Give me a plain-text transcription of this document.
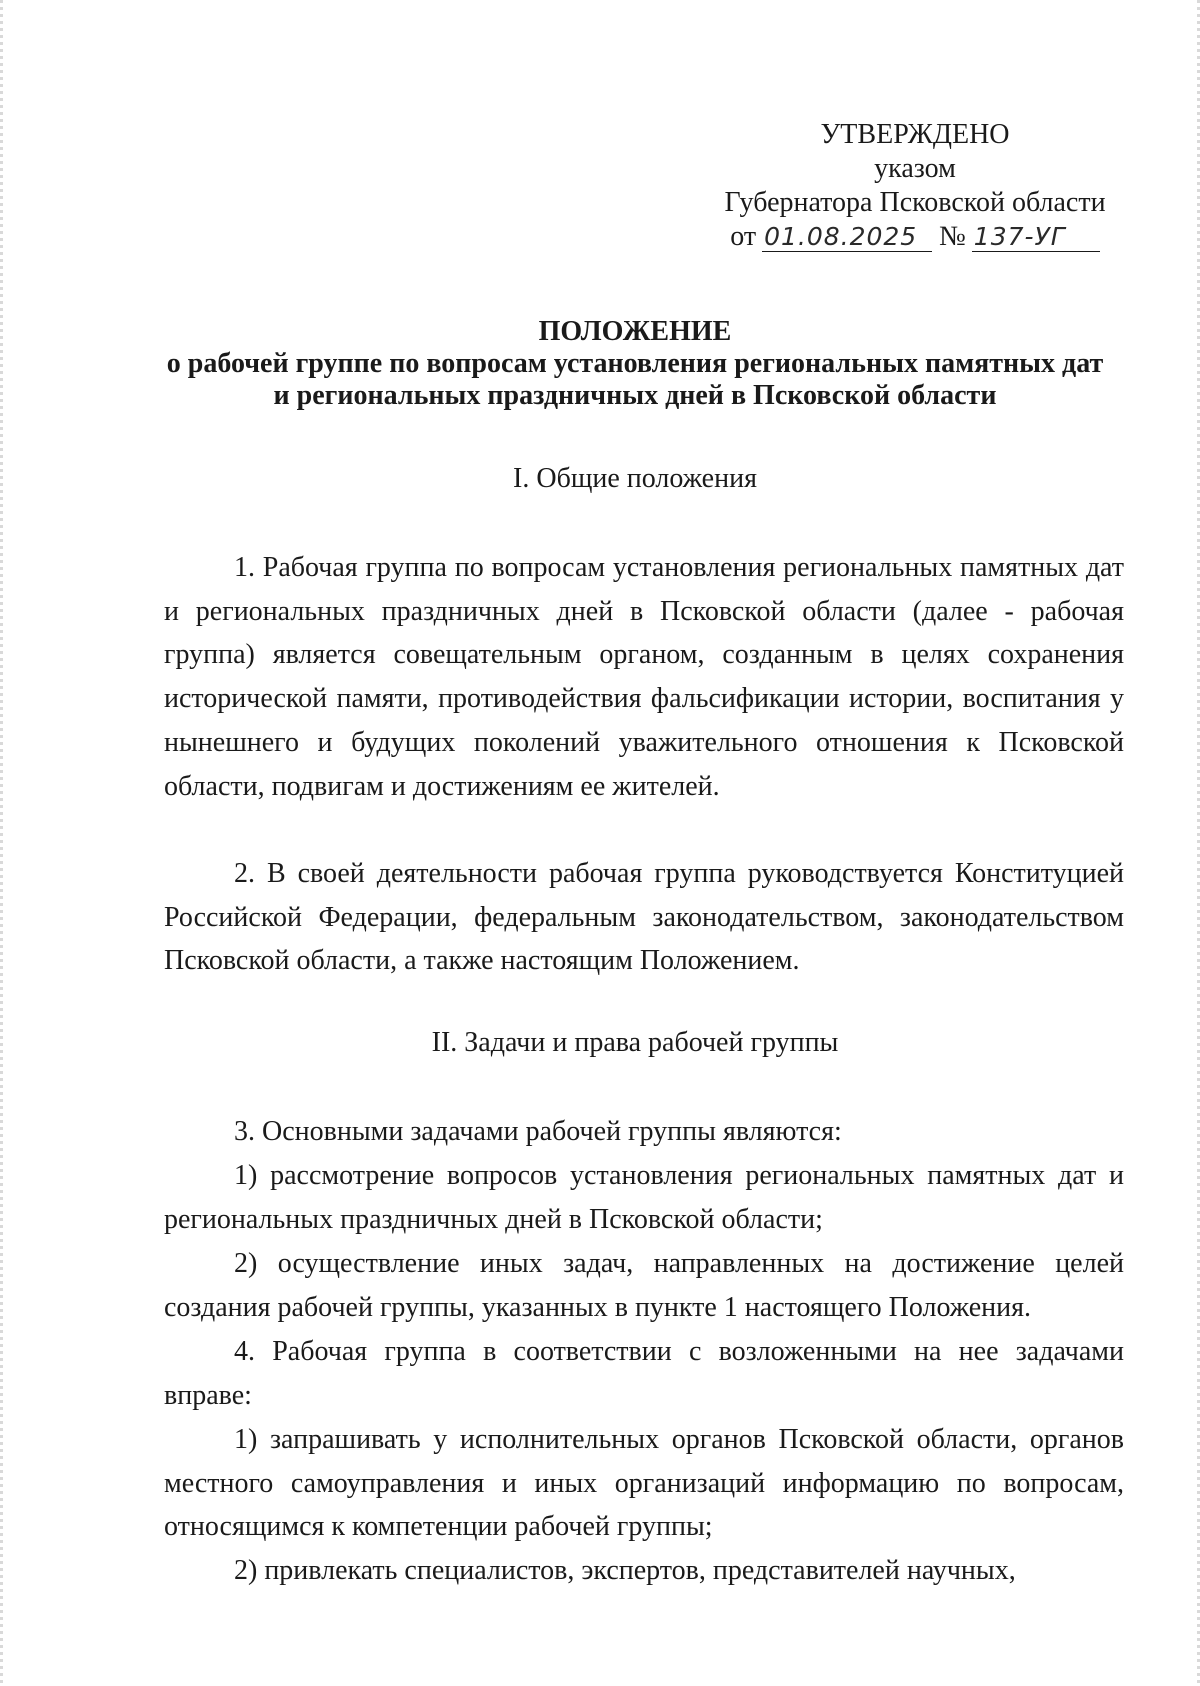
УТВЕРЖДЕНО
указом
Губернатора Псковской области
от 01.08.2025 № 137-УГ
ПОЛОЖЕНИЕ
о рабочей группе по вопросам установления региональных памятных дат
и региональных праздничных дней в Псковской области
I. Общие положения

1. Рабочая группа по вопросам установления региональных памятных дат и региональных праздничных дней в Псковской области (далее - рабочая группа) является совещательным органом, созданным в целях сохранения исторической памяти, противодействия фальсификации истории, воспитания у нынешнего и будущих поколений уважительного отношения к Псковской области, подвигам и достижениям ее жителей.

2. В своей деятельности рабочая группа руководствуется Конституцией Российской Федерации, федеральным законодательством, законодательством Псковской области, а также настоящим Положением.

II. Задачи и права рабочей группы

3. Основными задачами рабочей группы являются:

1) рассмотрение вопросов установления региональных памятных дат и региональных праздничных дней в Псковской области;

2) осуществление иных задач, направленных на достижение целей создания рабочей группы, указанных в пункте 1 настоящего Положения.

4. Рабочая группа в соответствии с возложенными на нее задачами вправе:

1) запрашивать у исполнительных органов Псковской области, органов местного самоуправления и иных организаций информацию по вопросам, относящимся к компетенции рабочей группы;

2) привлекать специалистов, экспертов, представителей научных,
